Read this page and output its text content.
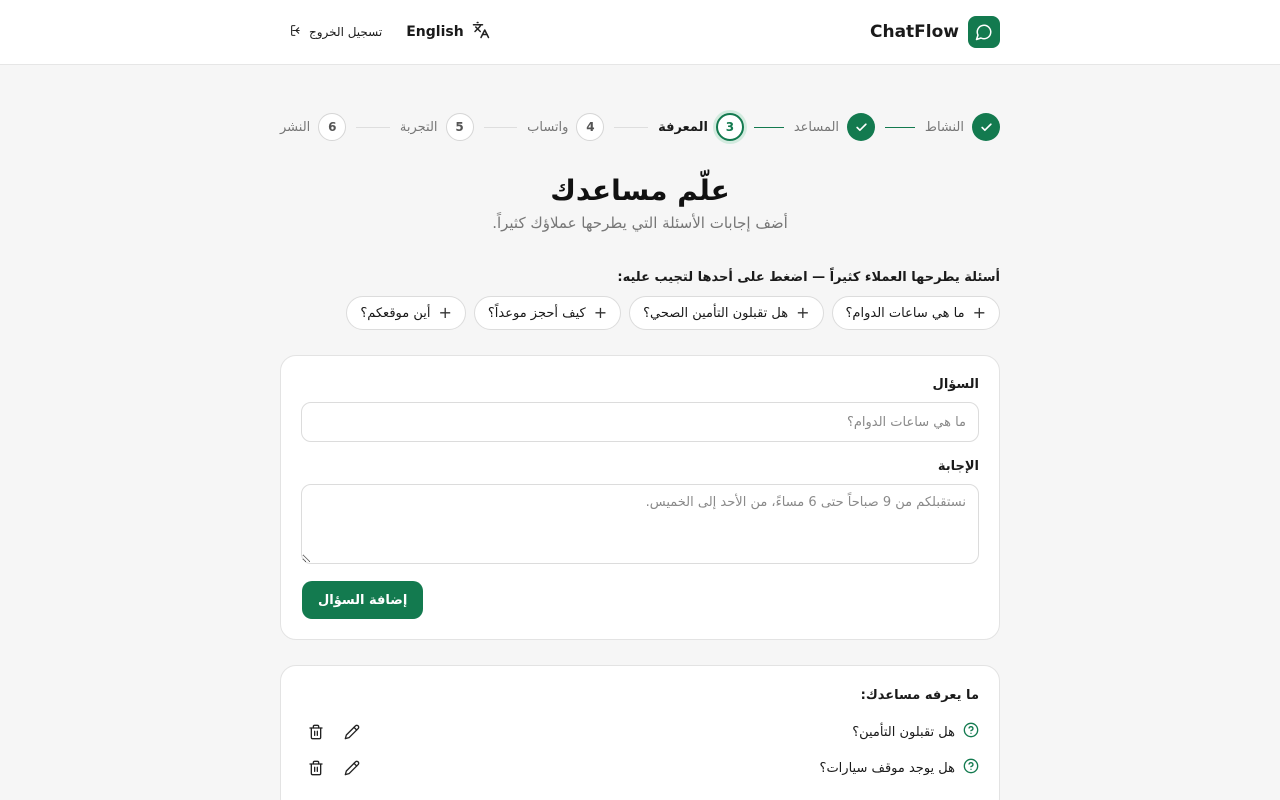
ChatFlow
تسجيل الخروج English
النشاط
المساعد
3
المعرفة
4
واتساب
5
التجربة
6
النشر
علّم مساعدك

أضف إجابات الأسئلة التي يطرحها عملاؤك كثيراً.

أسئلة يطرحها العملاء كثيراً — اضغط على أحدها لتجيب عليه:
+
ما هي ساعات الدوام؟
+
هل تقبلون التأمين الصحي؟
+
كيف أحجز موعداً؟
+
أين موقعكم؟
السؤال
ما هي ساعات الدوام؟
الإجابة
نستقبلكم من 9 صباحاً حتى 6 مساءً، من الأحد إلى الخميس.
إضافة السؤال
ما يعرفه مساعدك:
هل تقبلون التأمين؟
هل يوجد موقف سيارات؟
